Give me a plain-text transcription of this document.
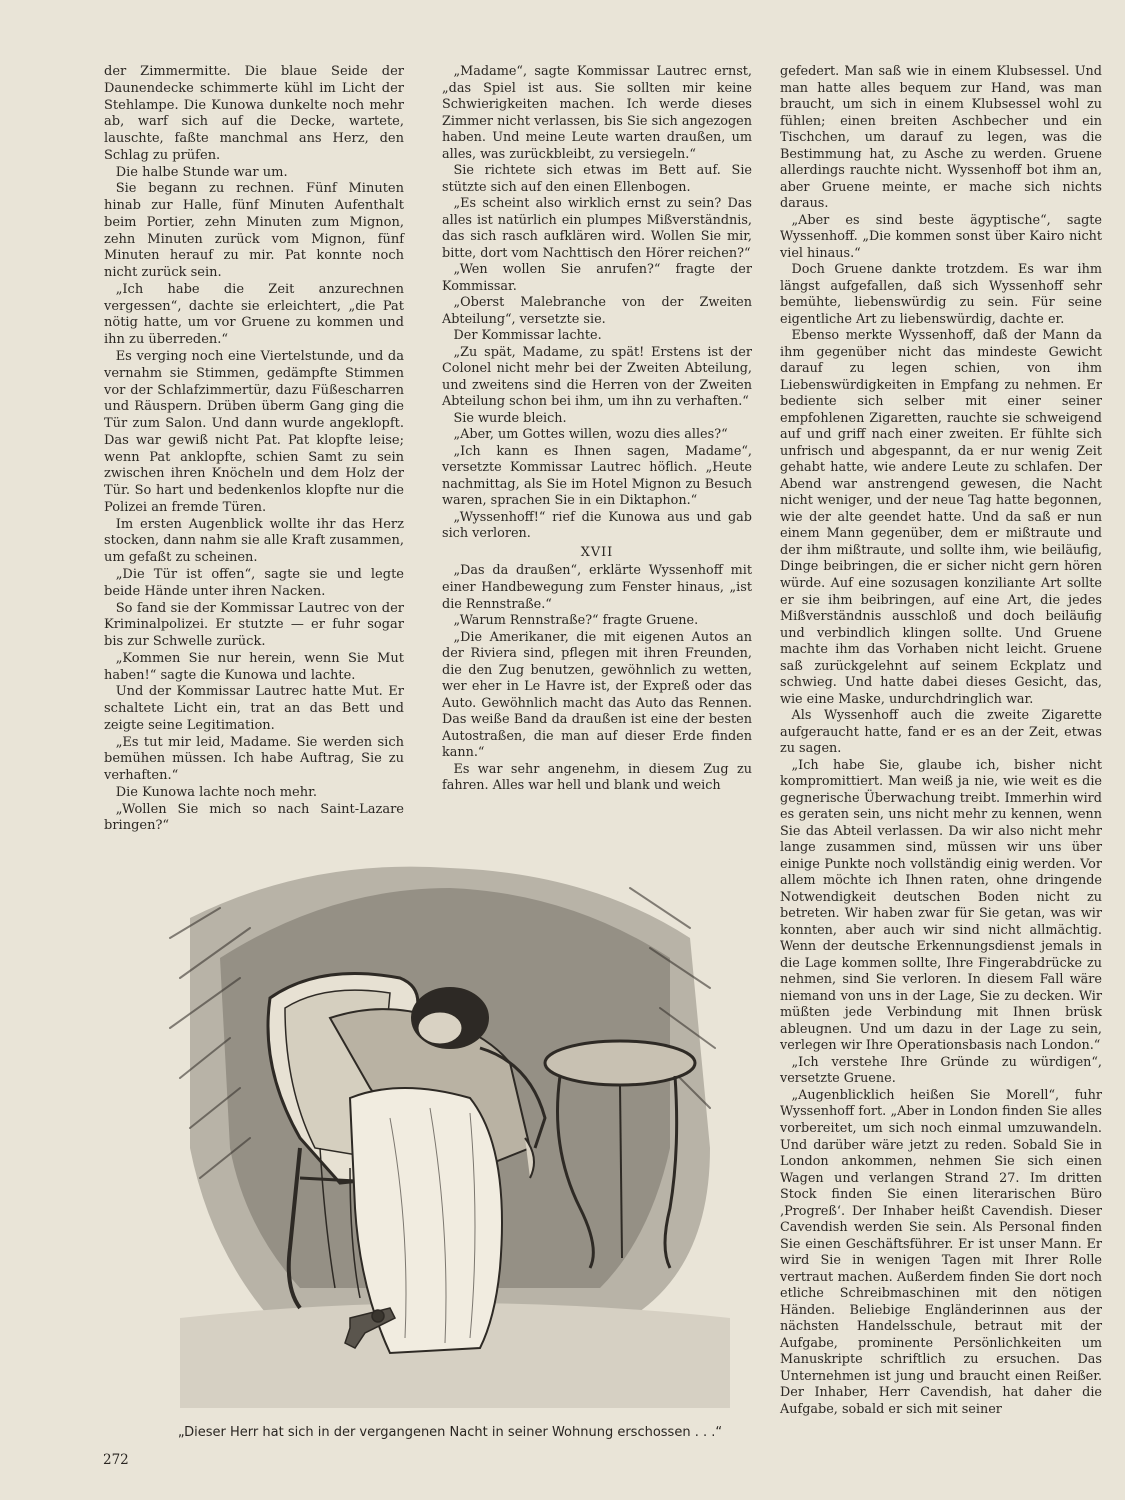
der Zimmermitte. Die blaue Seide der Daunendecke schimmerte kühl im Licht der Stehlampe. Die Kunowa dunkelte noch mehr ab, warf sich auf die Decke, wartete, lauschte, faßte manchmal ans Herz, den Schlag zu prüfen.

Die halbe Stunde war um.

Sie begann zu rechnen. Fünf Minuten hinab zur Halle, fünf Minuten Aufenthalt beim Portier, zehn Minuten zum Mignon, zehn Minuten zurück vom Mignon, fünf Minuten herauf zu mir. Pat konnte noch nicht zurück sein.

„Ich habe die Zeit anzurechnen vergessen“, dachte sie erleichtert, „die Pat nötig hatte, um vor Gruene zu kommen und ihn zu überreden.“

Es verging noch eine Viertelstunde, und da vernahm sie Stimmen, gedämpfte Stimmen vor der Schlafzimmertür, dazu Füßescharren und Räuspern. Drüben überm Gang ging die Tür zum Salon. Und dann wurde angeklopft. Das war gewiß nicht Pat. Pat klopfte leise; wenn Pat anklopfte, schien Samt zu sein zwischen ihren Knöcheln und dem Holz der Tür. So hart und bedenkenlos klopfte nur die Polizei an fremde Türen.

Im ersten Augenblick wollte ihr das Herz stocken, dann nahm sie alle Kraft zusammen, um gefaßt zu scheinen.

„Die Tür ist offen“, sagte sie und legte beide Hände unter ihren Nacken.

So fand sie der Kommissar Lautrec von der Kriminalpolizei. Er stutzte — er fuhr sogar bis zur Schwelle zurück.

„Kommen Sie nur herein, wenn Sie Mut haben!“ sagte die Kunowa und lachte.

Und der Kommissar Lautrec hatte Mut. Er schaltete Licht ein, trat an das Bett und zeigte seine Legitimation.

„Es tut mir leid, Madame. Sie werden sich bemühen müssen. Ich habe Auftrag, Sie zu verhaften.“

Die Kunowa lachte noch mehr.

„Wollen Sie mich so nach Saint-Lazare bringen?“

„Madame“, sagte Kommissar Lautrec ernst, „das Spiel ist aus. Sie sollten mir keine Schwierigkeiten machen. Ich werde dieses Zimmer nicht verlassen, bis Sie sich angezogen haben. Und meine Leute warten draußen, um alles, was zurückbleibt, zu versiegeln.“

Sie richtete sich etwas im Bett auf. Sie stützte sich auf den einen Ellenbogen.

„Es scheint also wirklich ernst zu sein? Das alles ist natürlich ein plumpes Mißverständnis, das sich rasch aufklären wird. Wollen Sie mir, bitte, dort vom Nachttisch den Hörer reichen?“

„Wen wollen Sie anrufen?“ fragte der Kommissar.

„Oberst Malebranche von der Zweiten Abteilung“, versetzte sie.

Der Kommissar lachte.

„Zu spät, Madame, zu spät! Erstens ist der Colonel nicht mehr bei der Zweiten Abteilung, und zweitens sind die Herren von der Zweiten Abteilung schon bei ihm, um ihn zu verhaften.“

Sie wurde bleich.

„Aber, um Gottes willen, wozu dies alles?“

„Ich kann es Ihnen sagen, Madame“, versetzte Kommissar Lautrec höflich. „Heute nachmittag, als Sie im Hotel Mignon zu Besuch waren, sprachen Sie in ein Diktaphon.“

„Wyssenhoff!“ rief die Kunowa aus und gab sich verloren.

XVII

„Das da draußen“, erklärte Wyssenhoff mit einer Handbewegung zum Fenster hinaus, „ist die Rennstraße.“

„Warum Rennstraße?“ fragte Gruene.

„Die Amerikaner, die mit eigenen Autos an der Riviera sind, pflegen mit ihren Freunden, die den Zug benutzen, gewöhnlich zu wetten, wer eher in Le Havre ist, der Expreß oder das Auto. Gewöhnlich macht das Auto das Rennen. Das weiße Band da draußen ist eine der besten Autostraßen, die man auf dieser Erde finden kann.“

Es war sehr angenehm, in diesem Zug zu fahren. Alles war hell und blank und weich

gefedert. Man saß wie in einem Klubsessel. Und man hatte alles bequem zur Hand, was man braucht, um sich in einem Klubsessel wohl zu fühlen; einen breiten Aschbecher und ein Tischchen, um darauf zu legen, was die Bestimmung hat, zu Asche zu werden. Gruene allerdings rauchte nicht. Wyssenhoff bot ihm an, aber Gruene meinte, er mache sich nichts daraus.

„Aber es sind beste ägyptische“, sagte Wyssenhoff. „Die kommen sonst über Kairo nicht viel hinaus.“

Doch Gruene dankte trotzdem. Es war ihm längst aufgefallen, daß sich Wyssenhoff sehr bemühte, liebenswürdig zu sein. Für seine eigentliche Art zu liebenswürdig, dachte er.

Ebenso merkte Wyssenhoff, daß der Mann da ihm gegenüber nicht das mindeste Gewicht darauf zu legen schien, von ihm Liebenswürdigkeiten in Empfang zu nehmen. Er bediente sich selber mit einer seiner empfohlenen Zigaretten, rauchte sie schweigend auf und griff nach einer zweiten. Er fühlte sich unfrisch und abgespannt, da er nur wenig Zeit gehabt hatte, wie andere Leute zu schlafen. Der Abend war anstrengend gewesen, die Nacht nicht weniger, und der neue Tag hatte begonnen, wie der alte geendet hatte. Und da saß er nun einem Mann gegenüber, dem er mißtraute und der ihm mißtraute, und sollte ihm, wie beiläufig, Dinge beibringen, die er sicher nicht gern hören würde. Auf eine sozusagen konziliante Art sollte er sie ihm beibringen, auf eine Art, die jedes Mißverständnis ausschloß und doch beiläufig und verbindlich klingen sollte. Und Gruene machte ihm das Vorhaben nicht leicht. Gruene saß zurückgelehnt auf seinem Eckplatz und schwieg. Und hatte dabei dieses Gesicht, das, wie eine Maske, undurchdringlich war.

Als Wyssenhoff auch die zweite Zigarette aufgeraucht hatte, fand er es an der Zeit, etwas zu sagen.

„Ich habe Sie, glaube ich, bisher nicht kompromittiert. Man weiß ja nie, wie weit es die gegnerische Überwachung treibt. Immerhin wird es geraten sein, uns nicht mehr zu kennen, wenn Sie das Abteil verlassen. Da wir also nicht mehr lange zusammen sind, müssen wir uns über einige Punkte noch vollständig einig werden. Vor allem möchte ich Ihnen raten, ohne dringende Notwendigkeit deutschen Boden nicht zu betreten. Wir haben zwar für Sie getan, was wir konnten, aber auch wir sind nicht allmächtig. Wenn der deutsche Erkennungsdienst jemals in die Lage kommen sollte, Ihre Fingerabdrücke zu nehmen, sind Sie verloren. In diesem Fall wäre niemand von uns in der Lage, Sie zu decken. Wir müßten jede Verbindung mit Ihnen brüsk ableugnen. Und um dazu in der Lage zu sein, verlegen wir Ihre Operationsbasis nach London.“

„Ich verstehe Ihre Gründe zu würdigen“, versetzte Gruene.

„Augenblicklich heißen Sie Morell“, fuhr Wyssenhoff fort. „Aber in London finden Sie alles vorbereitet, um sich noch einmal umzuwandeln. Und darüber wäre jetzt zu reden. Sobald Sie in London ankommen, nehmen Sie sich einen Wagen und verlangen Strand 27. Im dritten Stock finden Sie einen literarischen Büro ‚Progreß‘. Der Inhaber heißt Cavendish. Dieser Cavendish werden Sie sein. Als Personal finden Sie einen Geschäftsführer. Er ist unser Mann. Er wird Sie in wenigen Tagen mit Ihrer Rolle vertraut machen. Außerdem finden Sie dort noch etliche Schreibmaschinen mit den nötigen Händen. Beliebige Engländerinnen aus der nächsten Handelsschule, betraut mit der Aufgabe, prominente Persönlichkeiten um Manuskripte schriftlich zu ersuchen. Das Unternehmen ist jung und braucht einen Reißer. Der Inhaber, Herr Cavendish, hat daher die Aufgabe, sobald er sich mit seiner

„Dieser Herr hat sich in der vergangenen Nacht in seiner Wohnung erschossen . . .“
272
